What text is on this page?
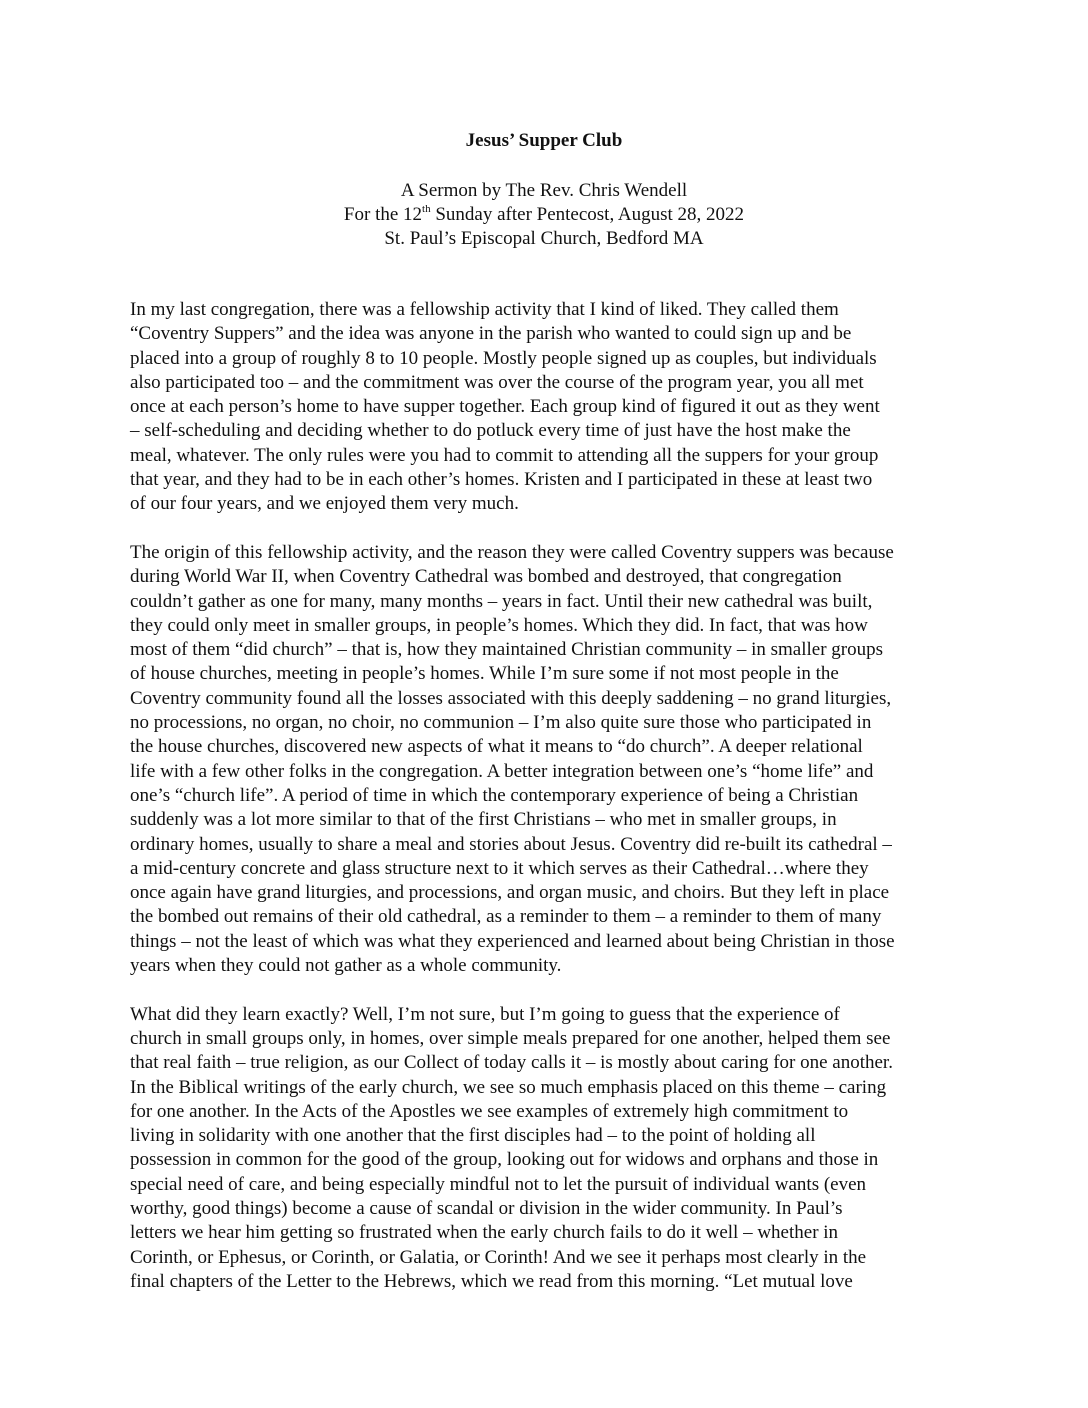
Jesus’ Supper Club
A Sermon by The Rev. Chris Wendell
For the 12th Sunday after Pentecost, August 28, 2022
St. Paul’s Episcopal Church, Bedford MA

In my last congregation, there was a fellowship activity that I kind of liked. They called them
“Coventry Suppers” and the idea was anyone in the parish who wanted to could sign up and be
placed into a group of roughly 8 to 10 people. Mostly people signed up as couples, but individuals
also participated too – and the commitment was over the course of the program year, you all met
once at each person’s home to have supper together. Each group kind of figured it out as they went
– self-scheduling and deciding whether to do potluck every time of just have the host make the
meal, whatever. The only rules were you had to commit to attending all the suppers for your group
that year, and they had to be in each other’s homes. Kristen and I participated in these at least two
of our four years, and we enjoyed them very much.

The origin of this fellowship activity, and the reason they were called Coventry suppers was because
during World War II, when Coventry Cathedral was bombed and destroyed, that congregation
couldn’t gather as one for many, many months – years in fact. Until their new cathedral was built,
they could only meet in smaller groups, in people’s homes. Which they did. In fact, that was how
most of them “did church” – that is, how they maintained Christian community – in smaller groups
of house churches, meeting in people’s homes. While I’m sure some if not most people in the
Coventry community found all the losses associated with this deeply saddening – no grand liturgies,
no processions, no organ, no choir, no communion – I’m also quite sure those who participated in
the house churches, discovered new aspects of what it means to “do church”. A deeper relational
life with a few other folks in the congregation. A better integration between one’s “home life” and
one’s “church life”. A period of time in which the contemporary experience of being a Christian
suddenly was a lot more similar to that of the first Christians – who met in smaller groups, in
ordinary homes, usually to share a meal and stories about Jesus. Coventry did re-built its cathedral –
a mid-century concrete and glass structure next to it which serves as their Cathedral…where they
once again have grand liturgies, and processions, and organ music, and choirs. But they left in place
the bombed out remains of their old cathedral, as a reminder to them – a reminder to them of many
things – not the least of which was what they experienced and learned about being Christian in those
years when they could not gather as a whole community.

What did they learn exactly? Well, I’m not sure, but I’m going to guess that the experience of
church in small groups only, in homes, over simple meals prepared for one another, helped them see
that real faith – true religion, as our Collect of today calls it – is mostly about caring for one another.
In the Biblical writings of the early church, we see so much emphasis placed on this theme – caring
for one another. In the Acts of the Apostles we see examples of extremely high commitment to
living in solidarity with one another that the first disciples had – to the point of holding all
possession in common for the good of the group, looking out for widows and orphans and those in
special need of care, and being especially mindful not to let the pursuit of individual wants (even
worthy, good things) become a cause of scandal or division in the wider community. In Paul’s
letters we hear him getting so frustrated when the early church fails to do it well – whether in
Corinth, or Ephesus, or Corinth, or Galatia, or Corinth! And we see it perhaps most clearly in the
final chapters of the Letter to the Hebrews, which we read from this morning. “Let mutual love
